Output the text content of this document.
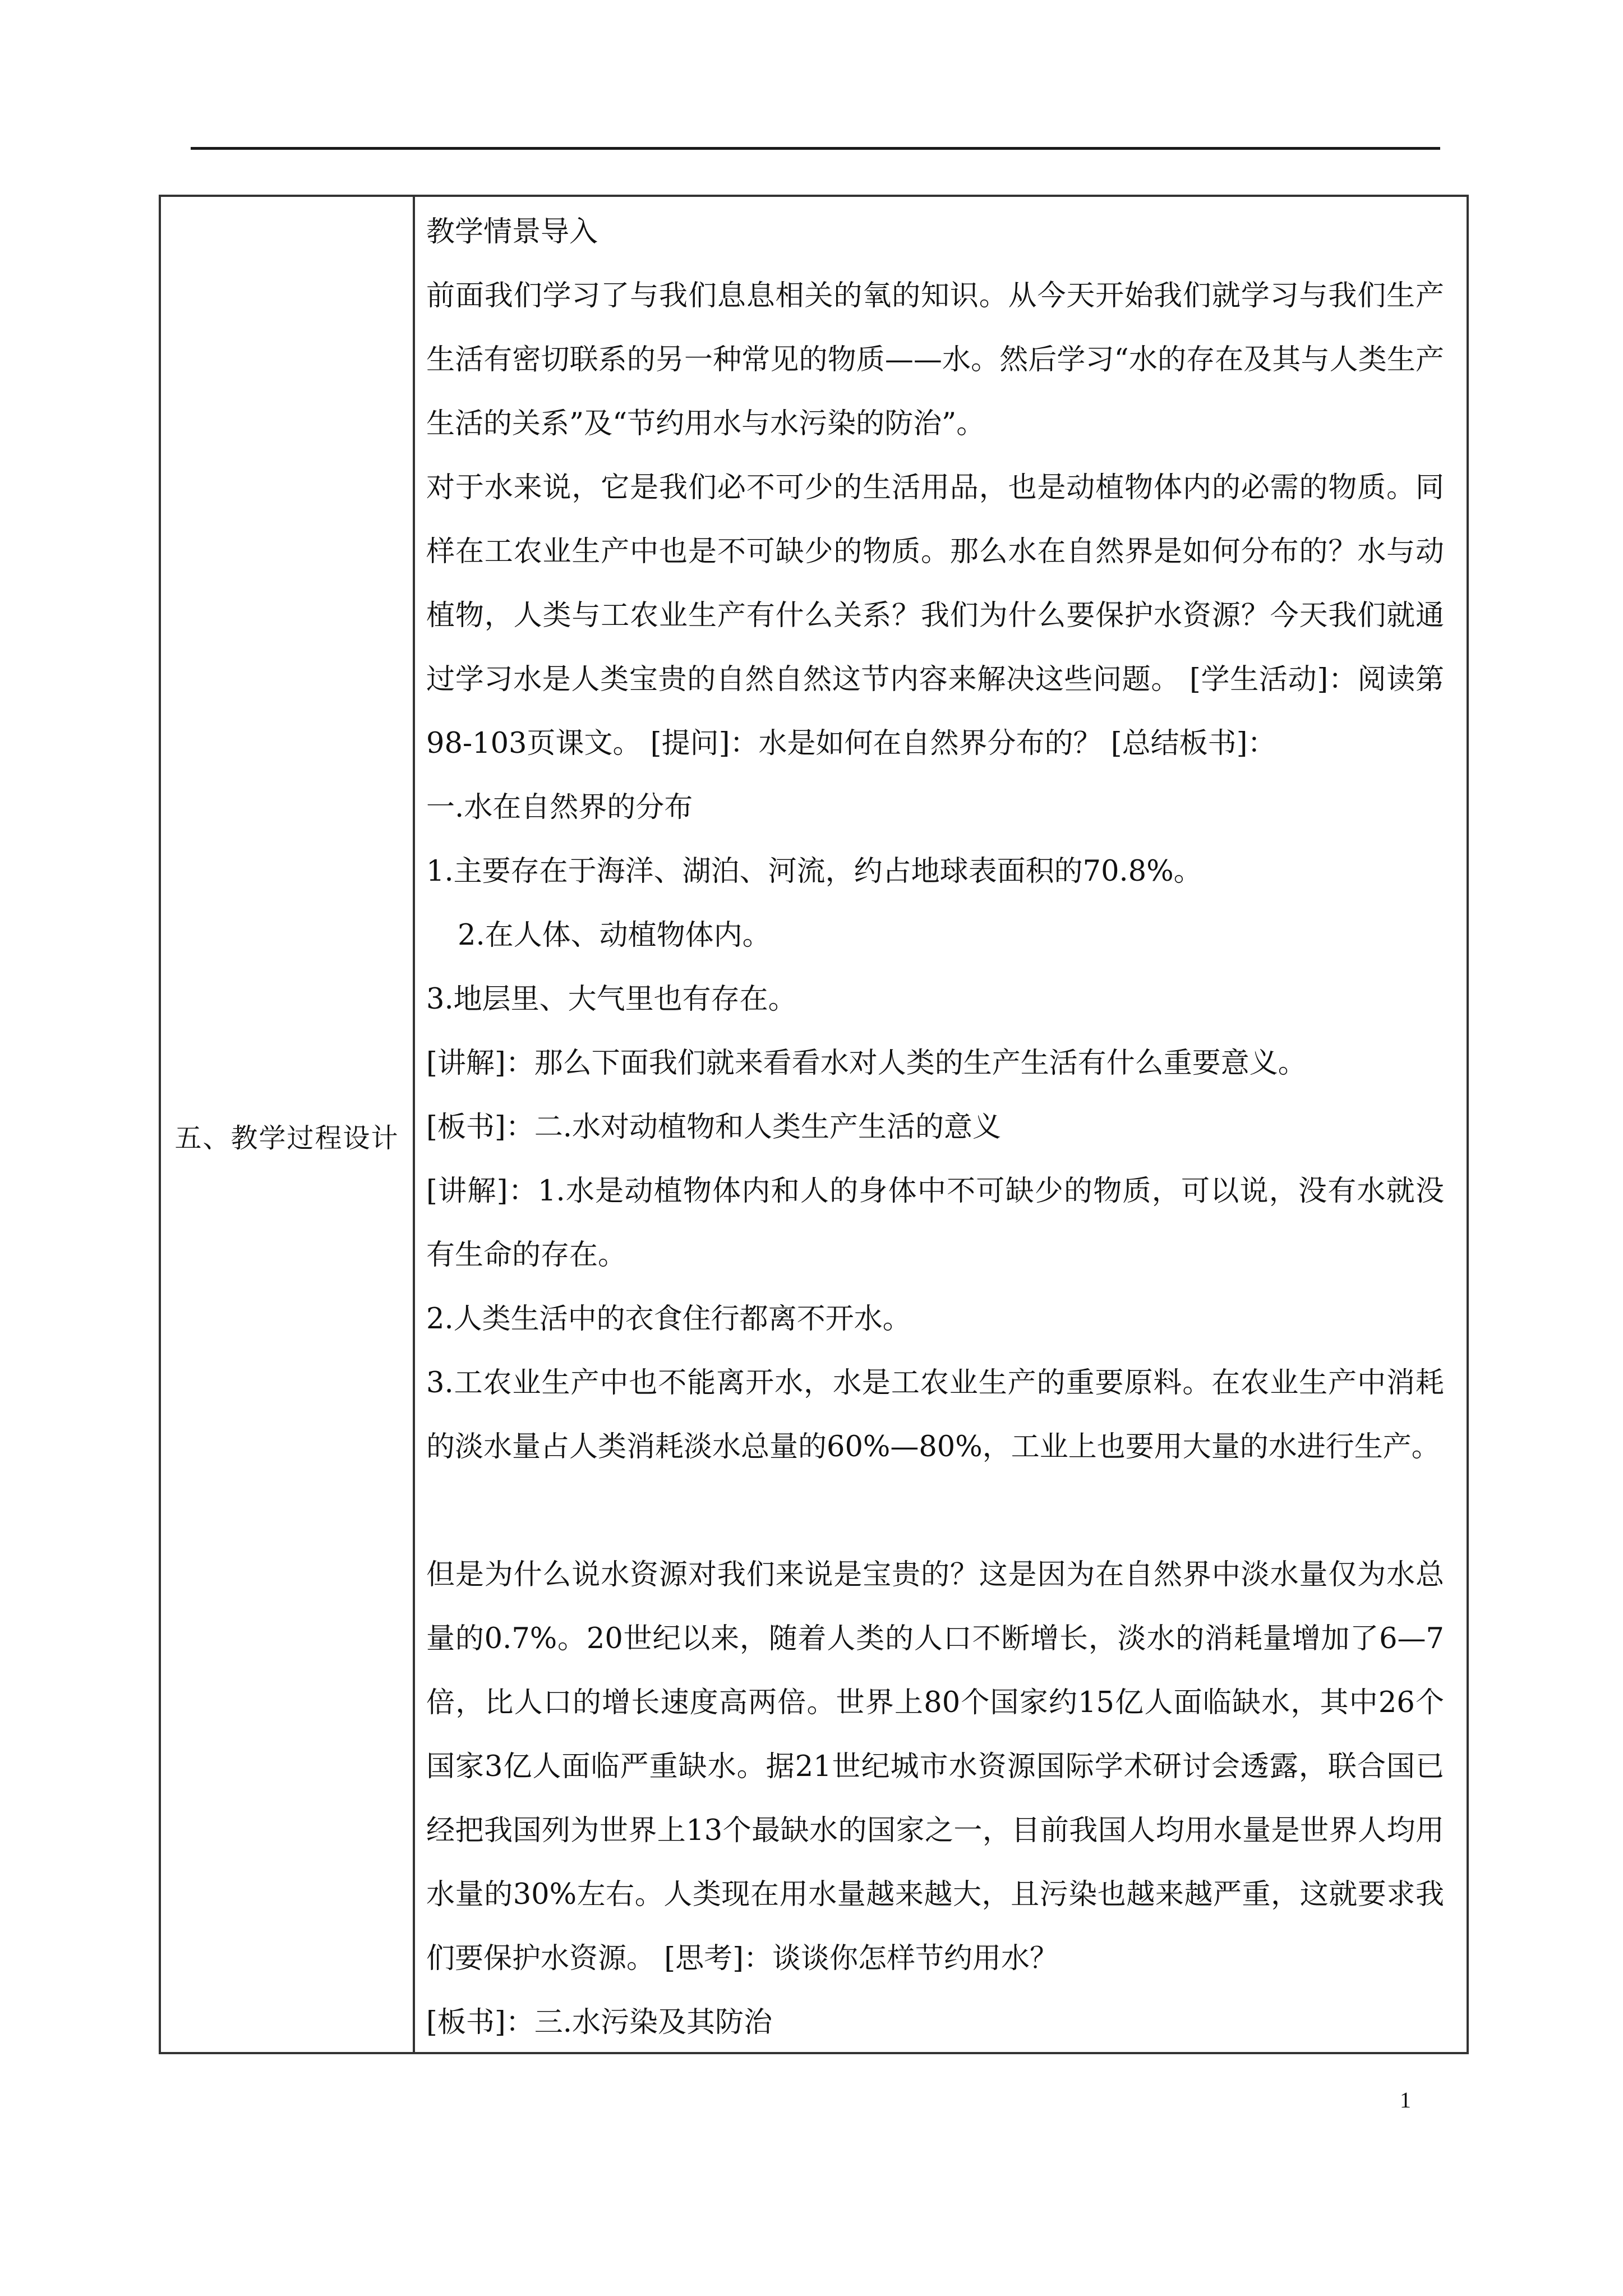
五、教学过程设计

教学情景导入

前面我们学习了与我们息息相关的氧的知识。从今天开始我们就学习与我们生产生活有密切联系的另一种常见的物质——水。然后学习“水的存在及其与人类生产生活的关系”及“节约用水与水污染的防治”。

对于水来说，它是我们必不可少的生活用品，也是动植物体内的必需的物质。同样在工农业生产中也是不可缺少的物质。那么水在自然界是如何分布的？水与动植物，人类与工农业生产有什么关系？我们为什么要保护水资源？今天我们就通过学习水是人类宝贵的自然自然这节内容来解决这些问题。 [学生活动]：阅读第98-103页课文。 [提问]：水是如何在自然界分布的？ [总结板书]：

一.水在自然界的分布

1.主要存在于海洋、湖泊、河流，约占地球表面积的70.8%。

2.在人体、动植物体内。

3.地层里、大气里也有存在。

[讲解]：那么下面我们就来看看水对人类的生产生活有什么重要意义。

[板书]：二.水对动植物和人类生产生活的意义

[讲解]：1.水是动植物体内和人的身体中不可缺少的物质，可以说，没有水就没有生命的存在。

2.人类生活中的衣食住行都离不开水。

3.工农业生产中也不能离开水，水是工农业生产的重要原料。在农业生产中消耗的淡水量占人类消耗淡水总量的60%—80%，工业上也要用大量的水进行生产。

但是为什么说水资源对我们来说是宝贵的？这是因为在自然界中淡水量仅为水总量的0.7%。20世纪以来，随着人类的人口不断增长，淡水的消耗量增加了6—7倍，比人口的增长速度高两倍。世界上80个国家约15亿人面临缺水，其中26个国家3亿人面临严重缺水。据21世纪城市水资源国际学术研讨会透露，联合国已经把我国列为世界上13个最缺水的国家之一，目前我国人均用水量是世界人均用水量的30%左右。人类现在用水量越来越大，且污染也越来越严重，这就要求我们要保护水资源。 [思考]：谈谈你怎样节约用水？

[板书]：三.水污染及其防治

1
